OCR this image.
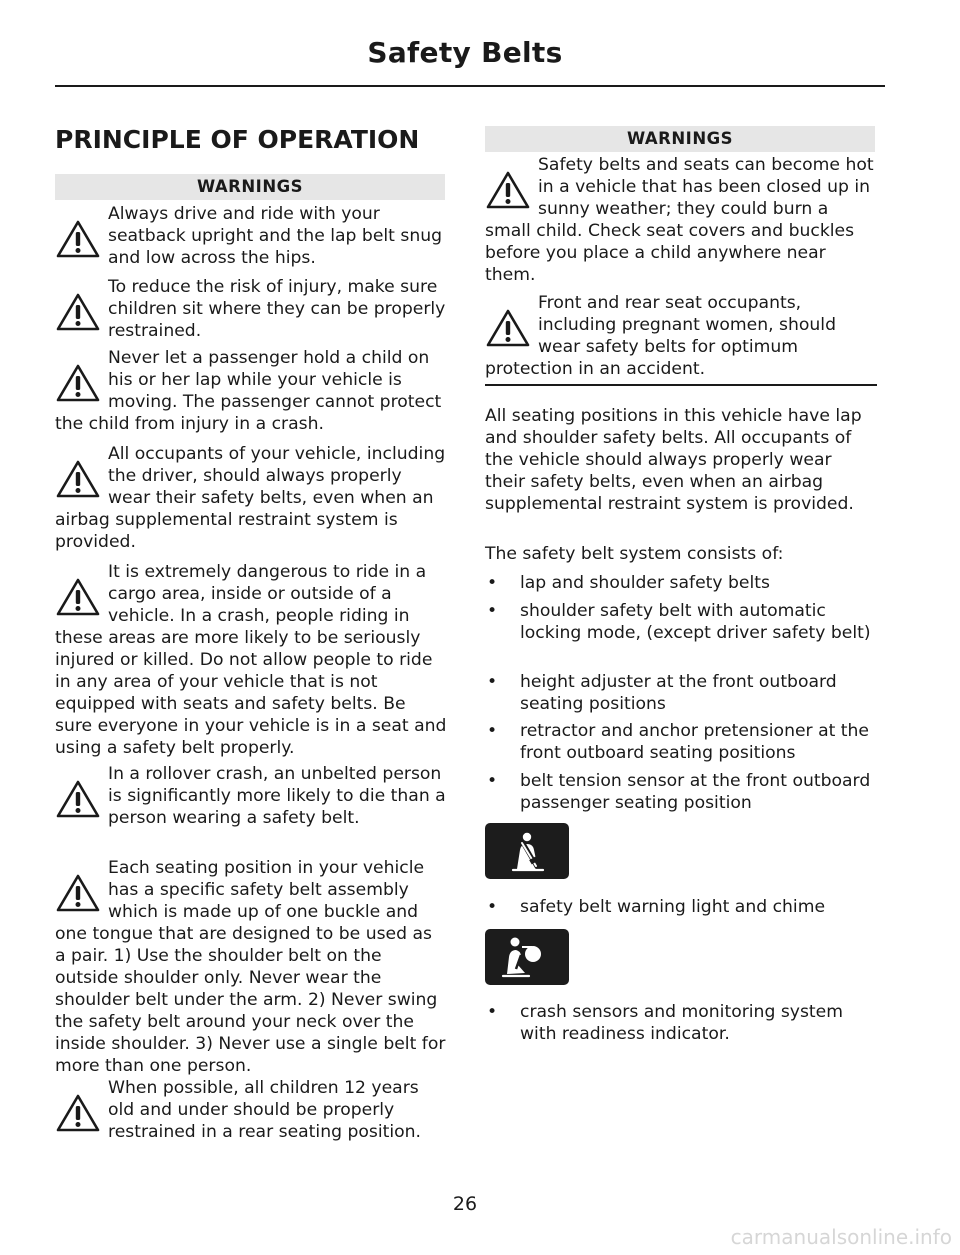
Safety Belts
PRINCIPLE OF OPERATION
WARNINGS
Always drive and ride with your seatback upright and the lap belt snug and low across the hips.
To reduce the risk of injury, make sure children sit where they can be properly restrained.
Never let a passenger hold a child on his or her lap while your vehicle is moving. The passenger cannot protect the child from injury in a crash.
All occupants of your vehicle, including the driver, should always properly wear their safety belts, even when an airbag supplemental restraint system is provided.
It is extremely dangerous to ride in a cargo area, inside or outside of a vehicle. In a crash, people riding in these areas are more likely to be seriously injured or killed. Do not allow people to ride in any area of your vehicle that is not equipped with seats and safety belts. Be sure everyone in your vehicle is in a seat and using a safety belt properly.
In a rollover crash, an unbelted person is significantly more likely to die than a person wearing a safety belt.
Each seating position in your vehicle has a specific safety belt assembly which is made up of one buckle and one tongue that are designed to be used as a pair. 1) Use the shoulder belt on the outside shoulder only. Never wear the shoulder belt under the arm. 2) Never swing the safety belt around your neck over the inside shoulder. 3) Never use a single belt for more than one person.
When possible, all children 12 years old and under should be properly restrained in a rear seating position.
WARNINGS
Safety belts and seats can become hot in a vehicle that has been closed up in sunny weather; they could burn a small child. Check seat covers and buckles before you place a child anywhere near them.
Front and rear seat occupants, including pregnant women, should wear safety belts for optimum protection in an accident.
All seating positions in this vehicle have lap and shoulder safety belts. All occupants of the vehicle should always properly wear their safety belts, even when an airbag supplemental restraint system is provided.
The safety belt system consists of:
• lap and shoulder safety belts
• shoulder safety belt with automatic locking mode, (except driver safety belt)
• height adjuster at the front outboard seating positions
• retractor and anchor pretensioner at the front outboard seating positions
• belt tension sensor at the front outboard passenger seating position
• safety belt warning light and chime
• crash sensors and monitoring system with readiness indicator.
26
carmanualsonline.info
